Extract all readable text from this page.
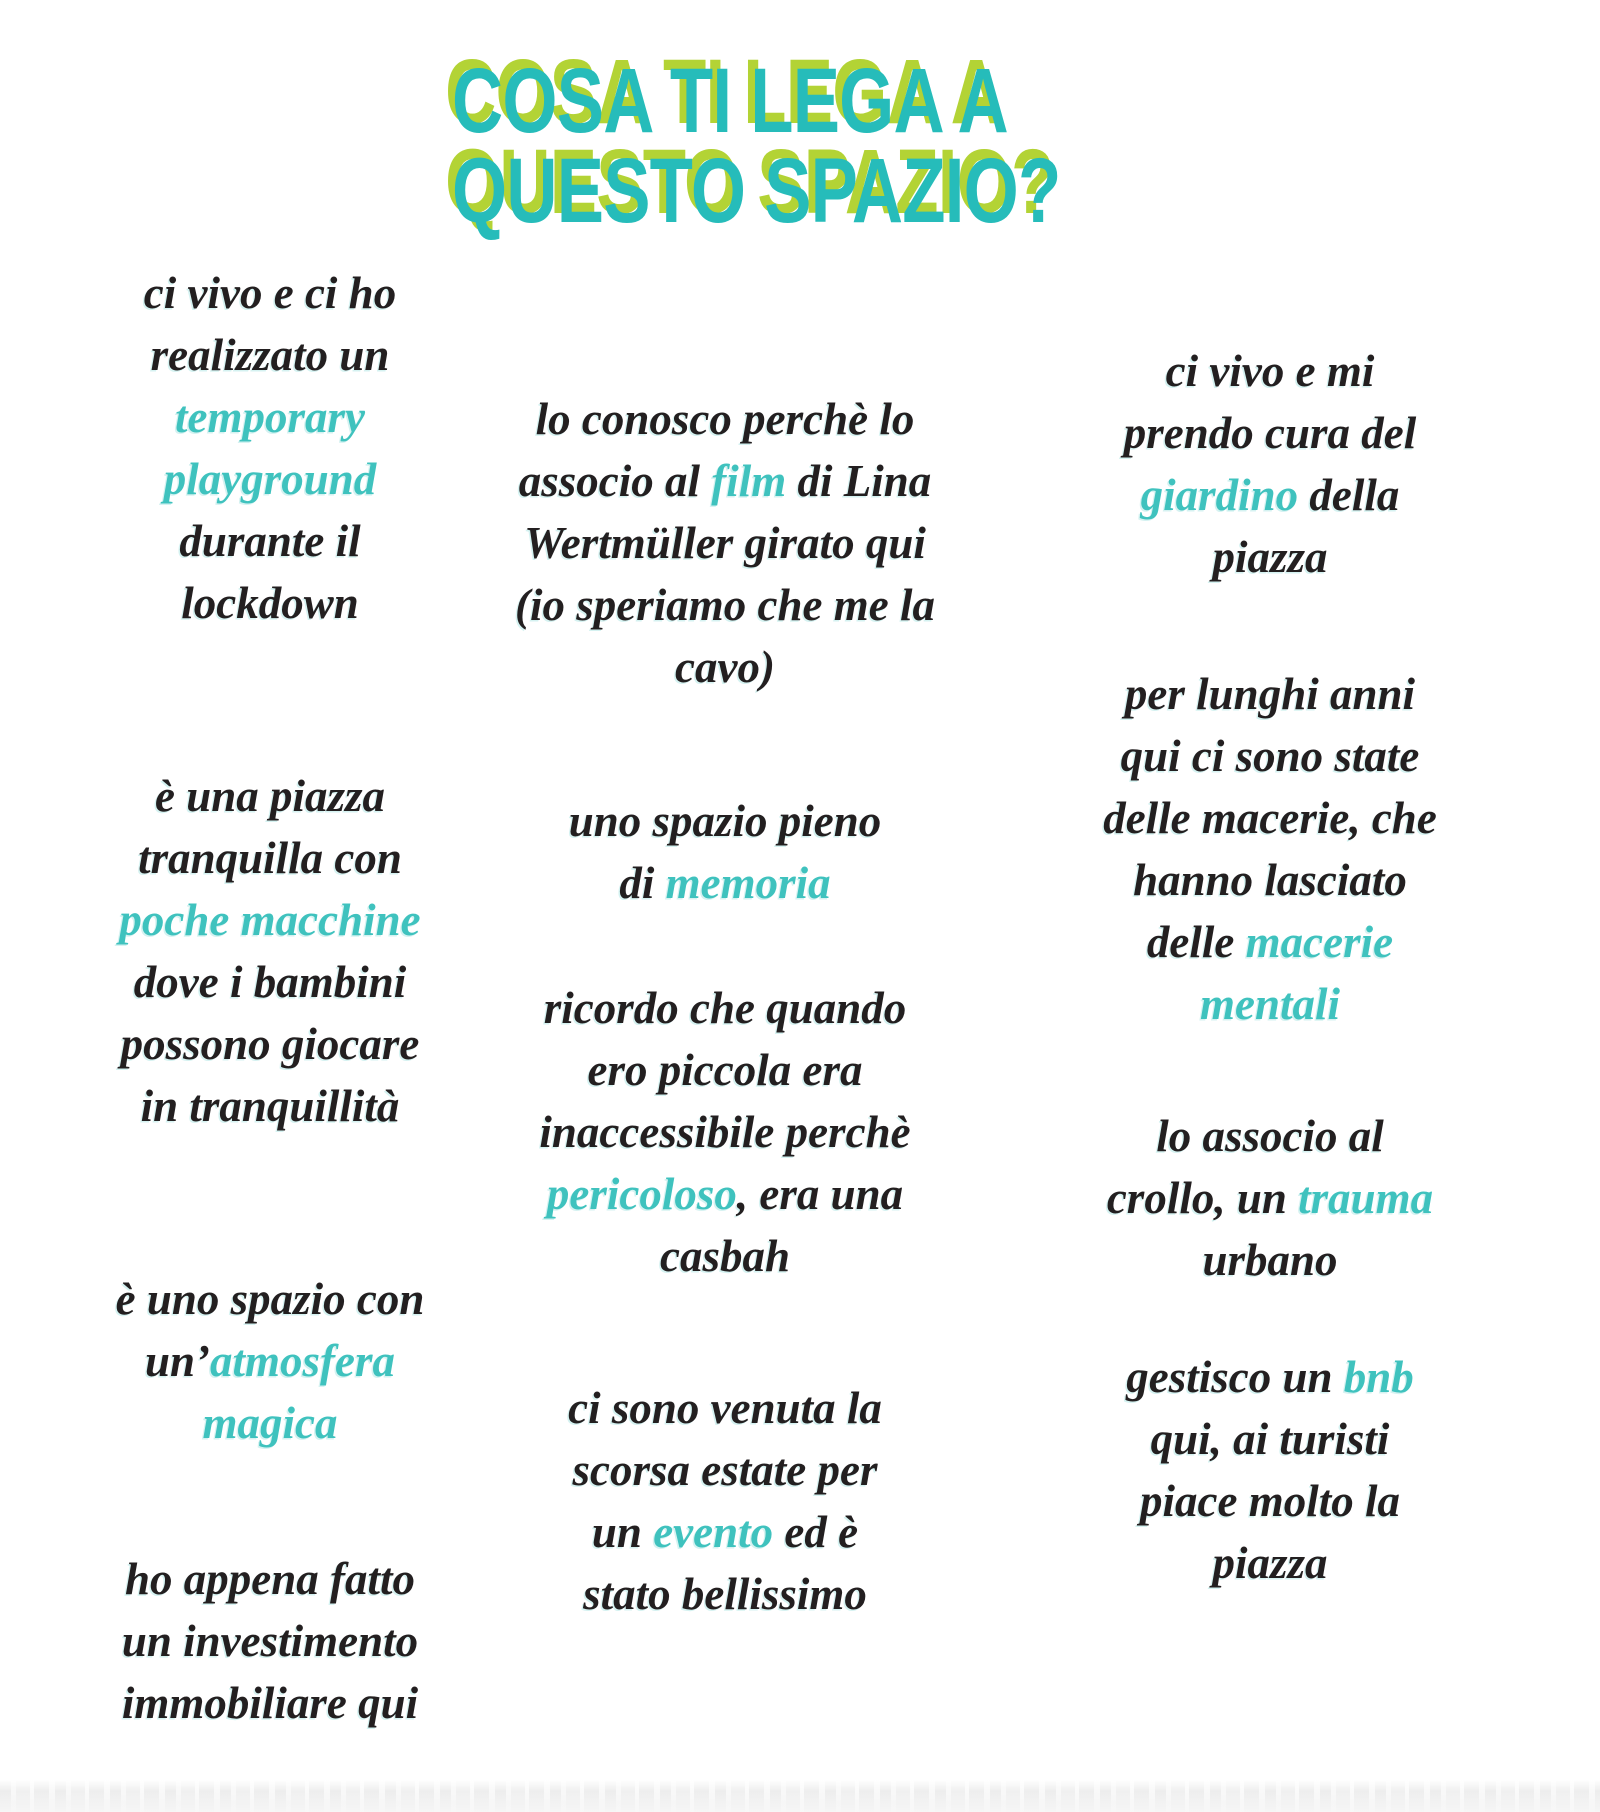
COSA TI LEGA A
QUESTO SPAZIO?
ci vivo e ci ho
realizzato un
temporary
playground
durante il
lockdown
è una piazza
tranquilla con
poche macchine
dove i bambini
possono giocare
in tranquillità
è uno spazio con
un’atmosfera
magica
ho appena fatto
un investimento
immobiliare qui
lo conosco perchè lo
associo al film di Lina
Wertmüller girato qui
(io speriamo che me la
cavo)
uno spazio pieno
di memoria
ricordo che quando
ero piccola era
inaccessibile perchè
pericoloso, era una
casbah
ci sono venuta la
scorsa estate per
un evento ed è
stato bellissimo
ci vivo e mi
prendo cura del
giardino della
piazza
per lunghi anni
qui ci sono state
delle macerie, che
hanno lasciato
delle macerie
mentali
lo associo al
crollo, un trauma
urbano
gestisco un bnb
qui, ai turisti
piace molto la
piazza
